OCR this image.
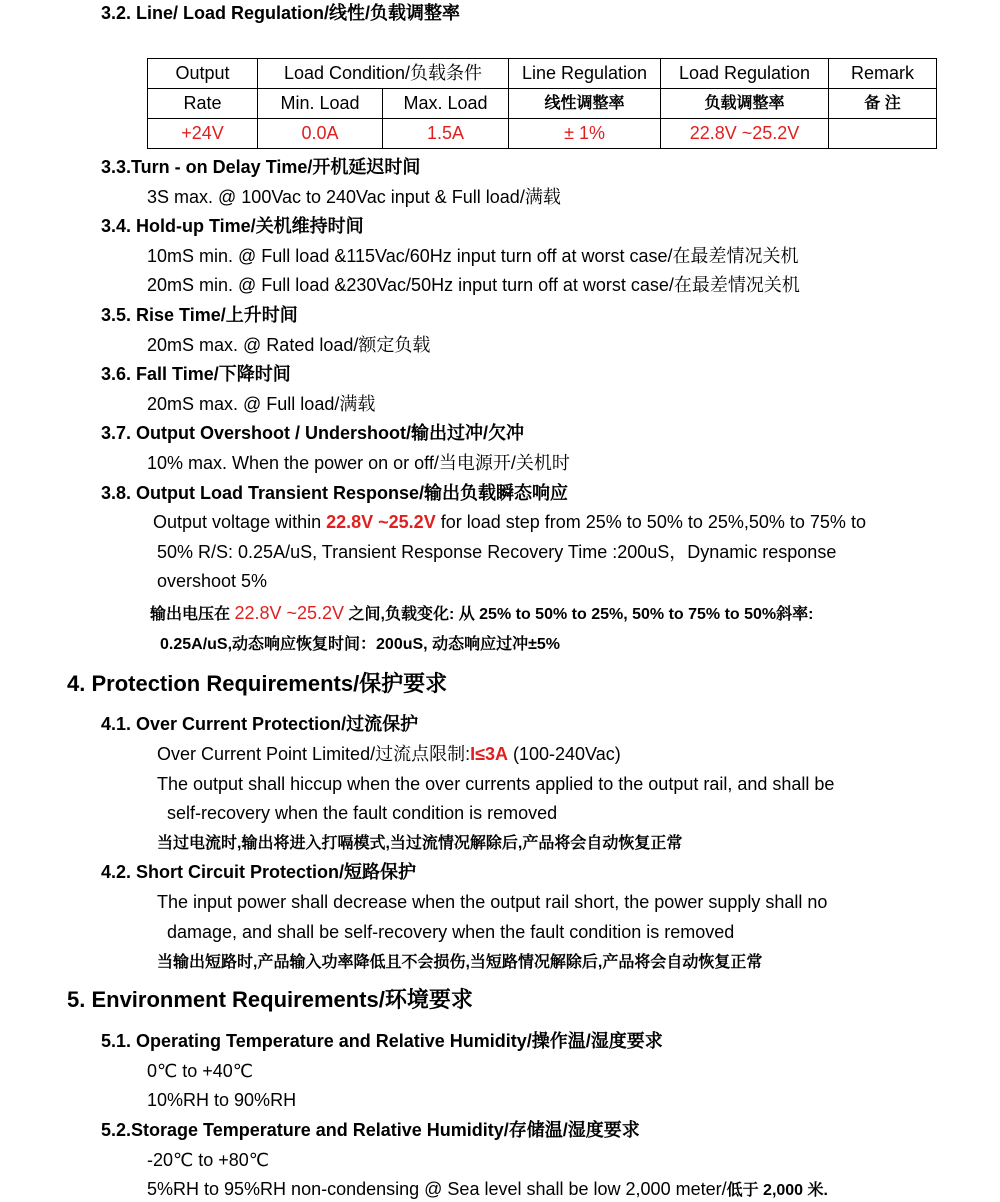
3.2. Line/ Load Regulation/线性/负载调整率
Output	Load Condition/负载条件		Line Regulation	Load Regulation	Remark
Rate	Min. Load	Max. Load	线性调整率	负载调整率	备 注
+24V	0.0A	1.5A	± 1%	22.8V ~25.2V	
3.3.Turn - on Delay Time/开机延迟时间
3S max. @ 100Vac to 240Vac input & Full load/满载
3.4. Hold-up Time/关机维持时间
10mS min. @ Full load &115Vac/60Hz input turn off at worst case/在最差情况关机
20mS min. @ Full load &230Vac/50Hz input turn off at worst case/在最差情况关机
3.5. Rise Time/上升时间
20mS max. @ Rated load/额定负载
3.6. Fall Time/下降时间
20mS max. @ Full load/满载
3.7. Output Overshoot / Undershoot/输出过冲/欠冲
10% max. When the power on or off/当电源开/关机时
3.8. Output Load Transient Response/输出负载瞬态响应
Output voltage within 22.8V ~25.2V for load step from 25% to 50% to 25%,50% to 75% to
50% R/S: 0.25A/uS, Transient Response Recovery Time :200uS，Dynamic response
overshoot 5%
输出电压在 22.8V ~25.2V 之间,负载变化: 从 25% to 50% to 25%, 50% to 75% to 50%斜率:
0.25A/uS,动态响应恢复时间：200uS, 动态响应过冲±5%
4. Protection Requirements/保护要求
4.1. Over Current Protection/过流保护
Over Current Point Limited/过流点限制:I≤3A (100-240Vac)
The output shall hiccup when the over currents applied to the output rail, and shall be
self-recovery when the fault condition is removed
当过电流时,输出将进入打嗝模式,当过流情况解除后,产品将会自动恢复正常
4.2. Short Circuit Protection/短路保护
The input power shall decrease when the output rail short, the power supply shall no
damage, and shall be self-recovery when the fault condition is removed
当输出短路时,产品输入功率降低且不会损伤,当短路情况解除后,产品将会自动恢复正常
5. Environment Requirements/环境要求
5.1. Operating Temperature and Relative Humidity/操作温/湿度要求
0℃ to +40℃
10%RH to 90%RH
5.2.Storage Temperature and Relative Humidity/存储温/湿度要求
-20℃ to +80℃
5%RH to 95%RH non-condensing @ Sea level shall be low 2,000 meter/低于 2,000 米.
